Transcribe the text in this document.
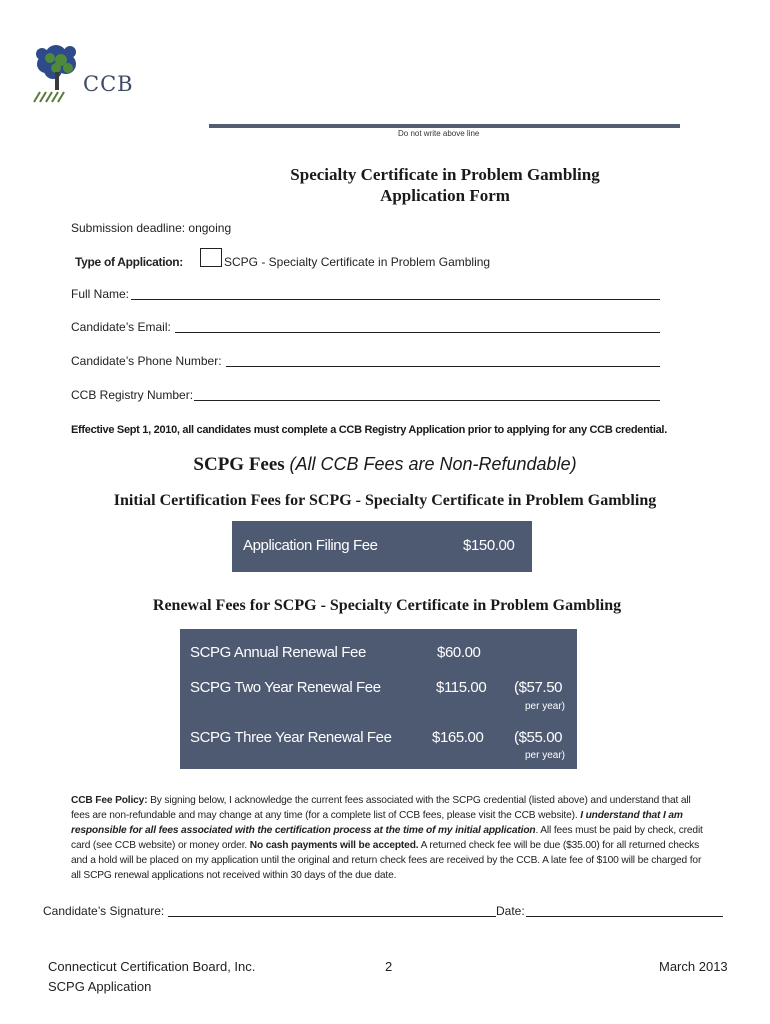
CCB
Do not write above line
Specialty Certificate in Problem Gambling
Application Form
Submission deadline: ongoing
Type of Application:	SCPG - Specialty Certificate in Problem Gambling
Full Name:
Candidate’s Email:
Candidate’s Phone Number:
CCB Registry Number:
Effective Sept 1, 2010, all candidates must complete a CCB Registry Application prior to applying for any CCB credential.
SCPG Fees (All CCB Fees are Non-Refundable)
Initial Certification Fees for SCPG - Specialty Certificate in Problem Gambling
Application Filing Fee	$150.00
Renewal Fees for SCPG - Specialty Certificate in Problem Gambling
SCPG Annual Renewal Fee	$60.00
SCPG Two Year Renewal Fee	$115.00 ($57.50
per year)
SCPG Three Year Renewal Fee	$165.00 ($55.00
per year)
CCB Fee Policy: By signing below, I acknowledge the current fees associated with the SCPG credential (listed above) and understand that all fees are non-refundable and may change at any time (for a complete list of CCB fees, please visit the CCB website). I understand that I am responsible for all fees associated with the certification process at the time of my initial application. All fees must be paid by check, credit card (see CCB website) or money order. No cash payments will be accepted. A returned check fee will be due ($35.00) for all returned checks and a hold will be placed on my application until the original and return check fees are received by the CCB. A late fee of $100 will be charged for all SCPG renewal applications not received within 30 days of the due date.
Candidate’s Signature:	Date:
Connecticut Certification Board, Inc.
SCPG Application
2	March 2013
